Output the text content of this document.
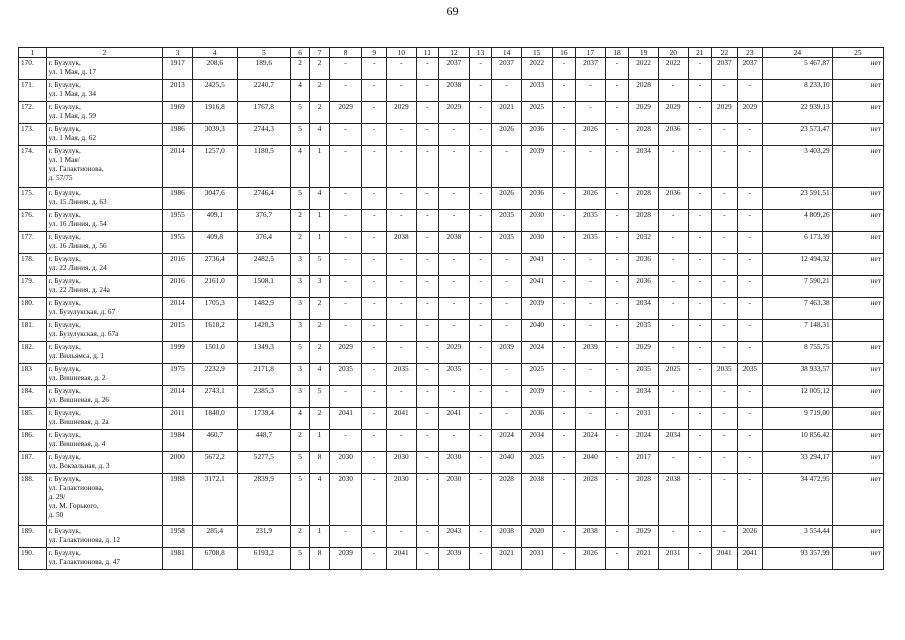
69
1	2	3	4	5	6	7	8	9	10	11	12	13	14	15	16	17	18	19	20	21	22	23	24	25
170.	г. Бузулук,
ул. 1 Мая, д. 17	1917	208,6	189,6	2	2	-	-	-	-	2037	-	2037	2022	-	2037	-	2022	2022	-	2037	2037	5 467,87	нет
171.	г. Бузулук,
ул. 1 Мая, д. 34	2013	2425,5	2240,7	4	2	-	-	-	-	2038	-	-	2033	-	-	-	2028	-	-	-	-	8 233,10	нет
172.	г. Бузулук,
ул. 1 Мая, д. 59	1969	1916,8	1767,8	5	2	2029	-	2029	-	2029	-	2021	2025	-	-	-	2029	2029	-	2029	2029	22 939,13	нет
173.	г. Бузулук,
ул. 1 Мая, д. 62	1986	3039,3	2744,3	5	4	-	-	-	-	-	-	2026	2036	-	2026	-	2028	2036	-	-	-	23 573,47	нет
174.	г. Бузулук,
ул. 1 Мая/
ул. Галактионова,
д. 57/75	2014	1257,0	1180,5	4	1	-	-	-	-	-	-	-	2039	-	-	-	2034	-	-	-	-	3 403,29	нет
175.	г. Бузулук,
ул. 15 Линия, д. 63	1986	3047,6	2746,4	5	4	-	-	-	-	-	-	2026	2036	-	2026	-	2028	2036	-	-	-	23 591,51	нет
176.	г. Бузулук,
ул. 16 Линия, д. 54	1955	409,1	376,7	2	1	-	-	-	-	-	-	2035	2030	-	2035	-	2028	-	-	-	-	4 809,26	нет
177.	г. Бузулук,
ул. 16 Линия, д. 56	1955	409,8	376,4	2	1	-	-	2038	-	2038	-	2035	2030	-	2035	-	2032	-	-	-	-	6 173,39	нет
178.	г. Бузулук,
ул. 22 Линия, д. 24	2016	2736,4	2482,5	3	5	-	-	-	-	-	-	-	2041	-	-	-	2036	-	-	-	-	12 494,32	нет
179.	г. Бузулук,
ул. 22 Линия, д. 24а	2016	2161,0	1508,1	3	3	-	-	-	-	-	-	-	2041	-	-	-	2036	-	-	-	-	7 590,21	нет
180.	г. Бузулук,
ул. Бузулукская, д. 67	2014	1705,3	1482,9	3	2	-	-	-	-	-	-	-	2039	-	-	-	2034	-	-	-	-	7 463,38	нет
181.	г. Бузулук,
ул. Бузулукская, д. 67а	2015	1618,2	1420,3	3	2	-	-	-	-	-	-	-	2040	-	-	-	2035	-	-	-	-	7 148,31	
182.	г. Бузулук,
ул. Вильямса, д. 1	1999	1501,0	1349,3	5	2	2029	-	-	-	2029	-	2039	2024	-	2039	-	2029	-	-	-	-	8 755,75	нет
183	г. Бузулук,
ул. Вишневая, д. 2	1975	2232,9	2171,8	3	4	2035	-	2035	-	2035	-	-	2025	-	-	-	2035	2025	-	2035	2035	38 933,57	нет
184.	г. Бузулук,
ул. Вишневая, д. 26	2014	2743,1	2385,3	3	5	-	-	-	-	-	-	-	2039	-	-	-	2034	-	-	-	-	12 005,12	нет
185.	г. Бузулук,
ул. Вишневая, д. 2а	2011	1840,0	1739,4	4	2	2041	-	2041	-	2041	-	-	2036	-	-	-	2031	-	-	-	-	9 719,00	нет
186.	г. Бузулук,
ул. Вишневая, д. 4	1984	460,7	448,7	2	1	-	-	-	-	-	-	2024	2034	-	2024	-	2024	2034	-	-	-	10 856,42	нет
187.	г. Бузулук,
ул. Вокзальная, д. 3	2000	5672,2	5277,5	5	8	2030	-	2030	-	2030	-	2040	2025	-	2040	-	2017	-	-	-	-	33 294,17	нет
188.	г. Бузулук,
ул. Галактионова,
д. 29/
ул. М. Горького,
д. 50	1988	3172,1	2839,9	5	4	2030	-	2030	-	2030	-	2028	2038	-	2028	-	2028	2038	-	-	-	34 472,95	нет
189.	г. Бузулук,
ул. Галактионова, д. 12	1958	285,4	231,9	2	1	-	-	-	-	2043	-	2038	2020	-	2038	-	2029	-	-	-	2026	3 554,44	нет
190.	г. Бузулук,
ул. Галактионова, д. 47	1981	6708,8	6193,2	5	8	2039	-	2041	-	2039	-	2021	2031	-	2026	-	2021	2031	-	2041	2041	93 357,99	нет
